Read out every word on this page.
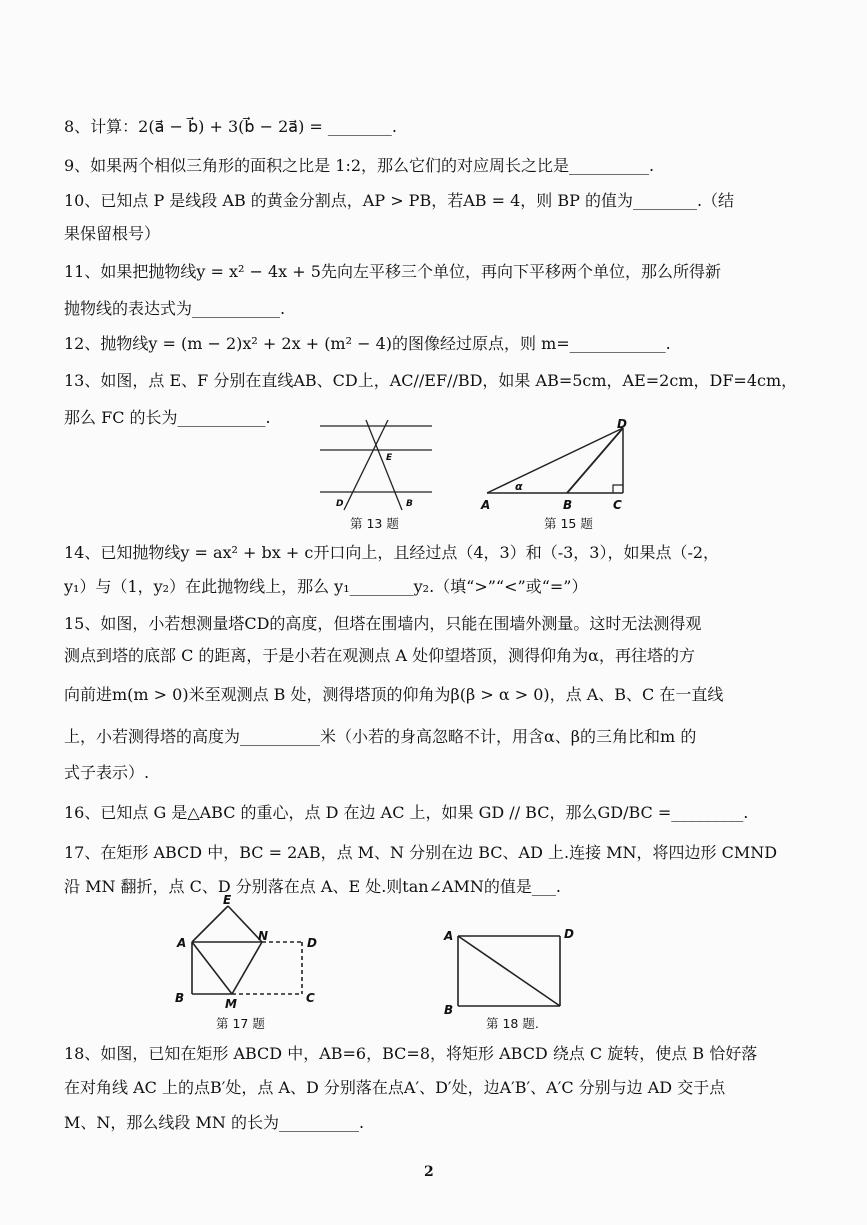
8、计算：2(a⃗ − b⃗) + 3(b⃗ − 2a⃗) = ________.
9、如果两个相似三角形的面积之比是 1:2，那么它们的对应周长之比是__________.
10、已知点 P 是线段 AB 的黄金分割点，AP > PB，若AB = 4，则 BP 的值为________.（结
果保留根号）
11、如果把抛物线y = x² − 4x + 5先向左平移三个单位，再向下平移两个单位，那么所得新
抛物线的表达式为___________.
12、抛物线y = (m − 2)x² + 2x + (m² − 4)的图像经过原点，则 m=____________.
13、如图，点 E、F 分别在直线AB、CD上，AC//EF//BD，如果 AB=5cm，AE=2cm，DF=4cm，
那么 FC 的长为___________.
E
D	B
第 13 题
D
A	B	C
α
第 15 题
14、已知抛物线y = ax² + bx + c开口向上，且经过点（4，3）和（-3，3），如果点（-2，
y₁）与（1，y₂）在此抛物线上，那么 y₁________y₂.（填“>”“<”或“=”）
15、如图，小若想测量塔CD的高度，但塔在围墙内，只能在围墙外测量。这时无法测得观
测点到塔的底部 C 的距离，于是小若在观测点 A 处仰望塔顶，测得仰角为α，再往塔的方
向前进m(m > 0)米至观测点 B 处，测得塔顶的仰角为β(β > α > 0)，点 A、B、C 在一直线
上，小若测得塔的高度为__________米（小若的身高忽略不计，用含α、β的三角比和m 的
式子表示）.
16、已知点 G 是△ABC 的重心，点 D 在边 AC 上，如果 GD // BC，那么GD/BC =_________.
17、在矩形 ABCD 中，BC = 2AB，点 M、N 分别在边 BC、AD 上.连接 MN，将四边形 CMND
沿 MN 翻折，点 C、D 分别落在点 A、E 处.则tan∠AMN的值是___.
E
A	N	D
B	M	C
第 17 题
A	D
B
第 18 题.
18、如图，已知在矩形 ABCD 中，AB=6，BC=8，将矩形 ABCD 绕点 C 旋转，使点 B 恰好落
在对角线 AC 上的点B′处，点 A、D 分别落在点A′、D′处，边A′B′、A′C 分别与边 AD 交于点
M、N，那么线段 MN 的长为__________.
2
